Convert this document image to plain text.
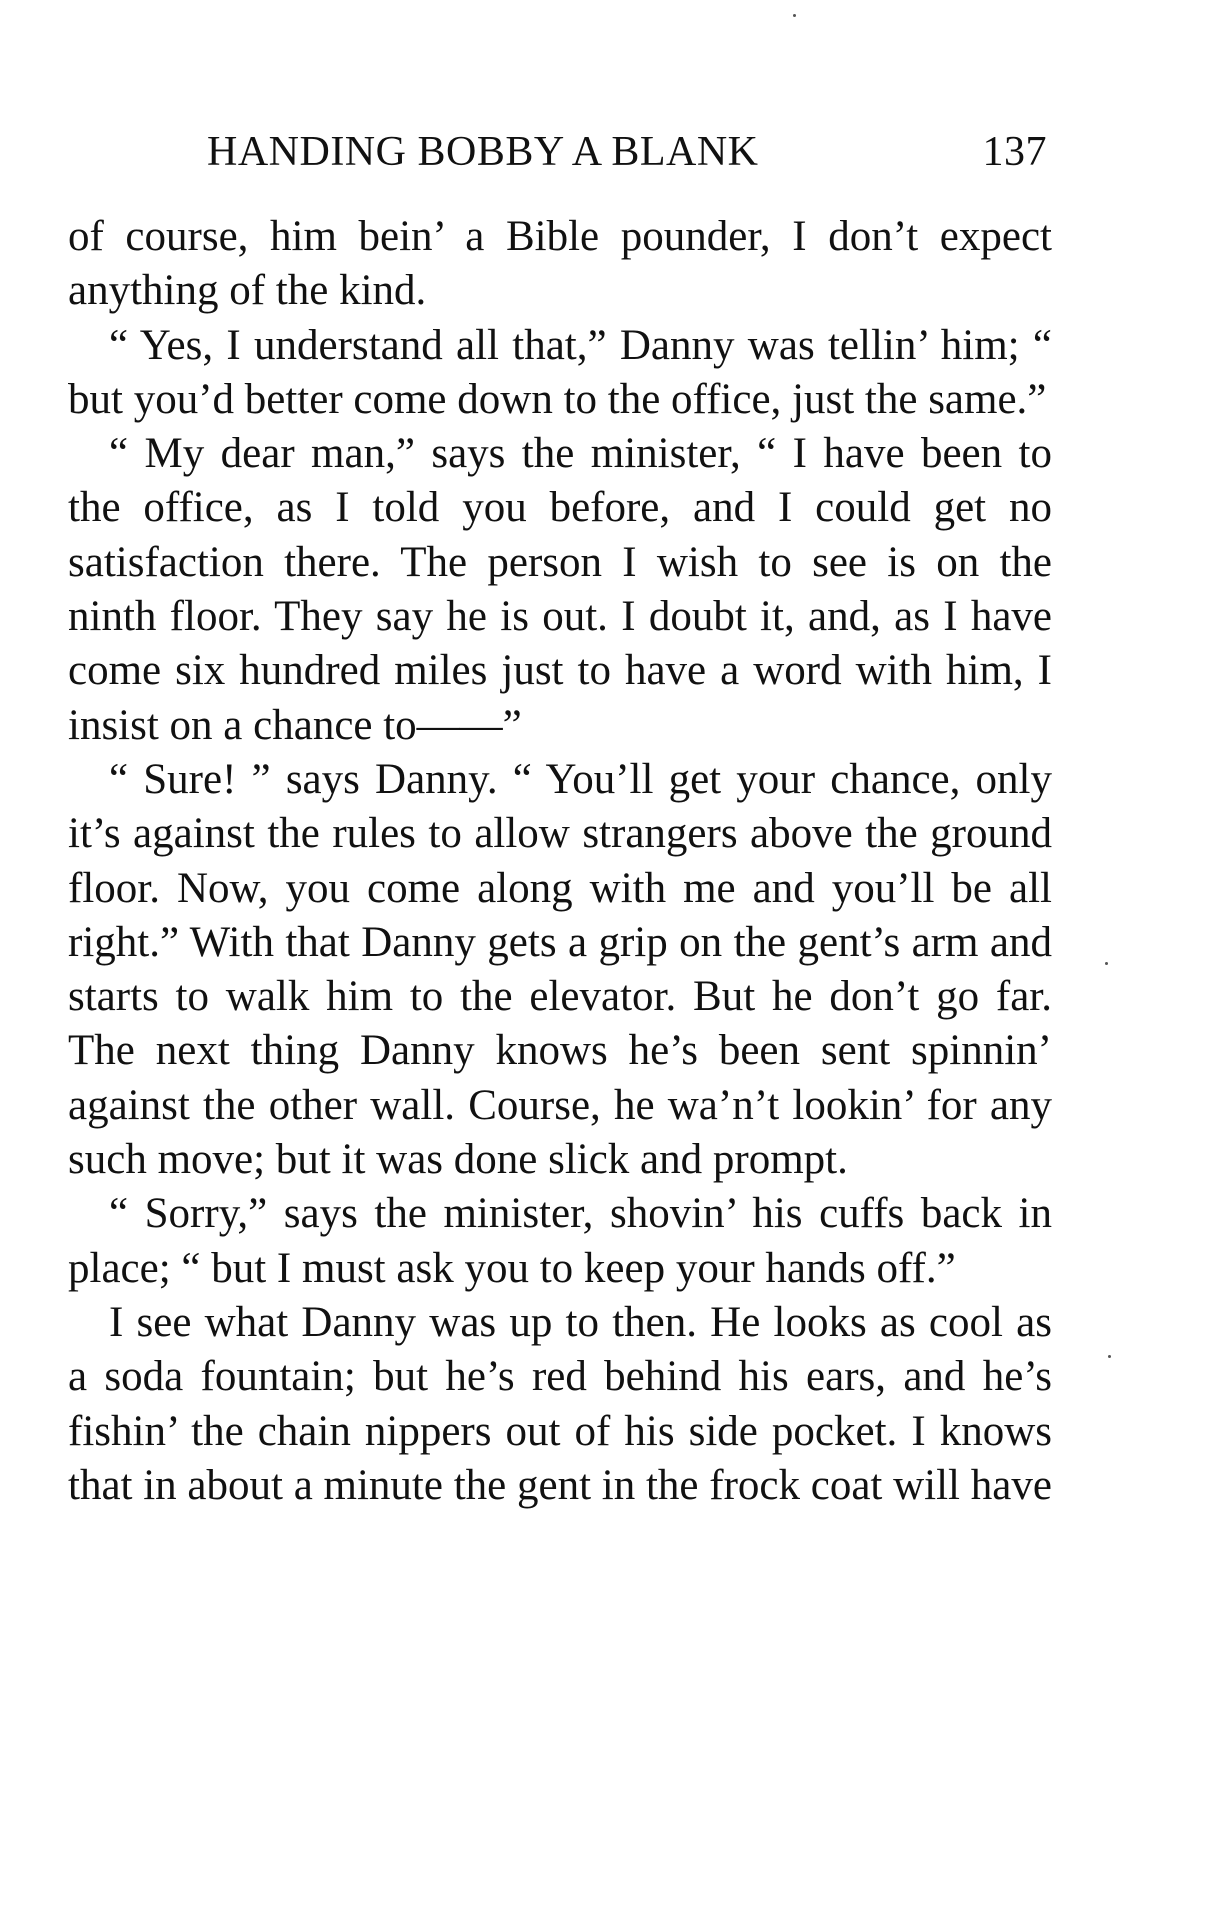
HANDING BOBBY A BLANK	137

of course, him bein’ a Bible pounder, I don’t expect anything of the kind.

“ Yes, I understand all that,” Danny was tellin’ him; “ but you’d better come down to the office, just the same.”

“ My dear man,” says the minister, “ I have been to the office, as I told you before, and I could get no satisfaction there. The person I wish to see is on the ninth floor. They say he is out. I doubt it, and, as I have come six hundred miles just to have a word with him, I insist on a chance to——”

“ Sure! ” says Danny. “ You’ll get your chance, only it’s against the rules to allow strangers above the ground floor. Now, you come along with me and you’ll be all right.” With that Danny gets a grip on the gent’s arm and starts to walk him to the elevator. But he don’t go far. The next thing Danny knows he’s been sent spinnin’ against the other wall. Course, he wa’n’t lookin’ for any such move; but it was done slick and prompt.

“ Sorry,” says the minister, shovin’ his cuffs back in place; “ but I must ask you to keep your hands off.”

I see what Danny was up to then. He looks as cool as a soda fountain; but he’s red behind his ears, and he’s fishin’ the chain nippers out of his side pocket. I knows that in about a minute the gent in the frock coat will have
